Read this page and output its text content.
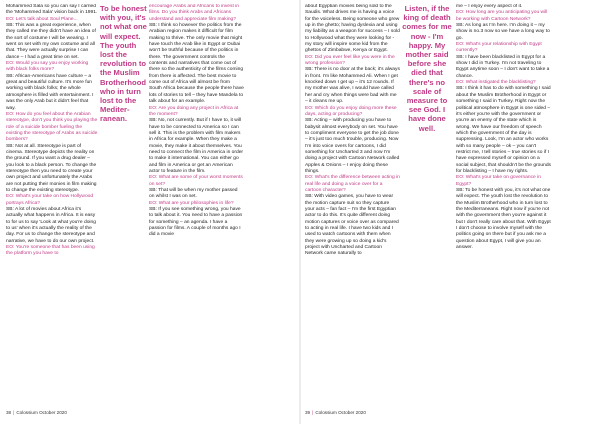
Mohammed Sala so you can say I carried the 'Mohammed Sala' vision back in 1991.

EO: Let's talk about Soul Plane...

SB: This was a great experience, when they called me they didn't have an idea of the sort of costume I will be wearing. I went on set with my own costume and all that. They were actually surprise I can dance – I had a great time on set.

EO: Would you say you enjoy working with black folks more?

SB: African-Americans have culture – a great and beautiful culture. It's more fun working with black folks; the whole atmosphere is filled with entertainment. I was the only Arab but it didn't feel that way.

EO: How do you feel about the Arabian stereotype, don't you think you playing the role of a suicide bomber fueling the existing the stereotype of Arabs as suicide bombers?

SB: Not at all. Stereotype is part of cinema. Stereotype depicts the reality on the ground. If you want a drug dealer – you look to a black person. To change the stereotype then you need to create your own project and unfortunately the Arabs are not putting their monies in film making to change the existing stereotype.

EO: What's your take on how Hollywood portrays Africa?

SB: A lot of movies about Africa it's actually what happens in Africa. It is easy to for us to say 'Look at what you're doing to us' when it's actually the reality of the day. For us to change the stereotype and narrative, we have to do our own project.

EO: You're someone that has been using the platform you have to

To be honest with you, it's not what one will expect. The youth lost the revolution to the Muslim Brotherhood who in turn lost to the Mediter-

ranean.

encourage Arabs and Africans to invest in films. Do you think Arabs and Africans understand and appreciate film making?

SB: I think so however the politics from the Arabian region makes it difficult for film making to thrive. The only movie that might have touch the Arab like in Egypt or Dubai won't be truthful because of the politics in there. The government controls the contents and narratives that come out of there so the authenticity of the films coming from there is affected. The best movie to come out of Africa will almost be from South Africa because the people there have lots of stories to tell – they have Mandela to talk about for an example.

EO: Are you doing any project in Africa at the moment?

SB: No, not currently. But if I have to, it will have to be connected to America so I can sell it. This is the problem with film makers in Africa for example. When they make a movie, they make it about themselves. You need to connect the film in America in order to make it international. You can either go and film in America or get an American actor to feature in the film.

EO: What are some of your worst moments on set?

SB: That will be when my mother passed on whilst I was on set.

EO: What are your philosophies in life?

SB: If you see something wrong, you have to talk about it. You need to have a passion for something – an agenda. I have a passion for films. A couple of months ago I did a movie

38 | Colossium October 2020

about Egyptian movies being sold to the Saudis. What drives me is having a voice for the voiceless. Being someone who grew up in the ghetto; having dyslexia and using my liability as a weapon for success – I sold to Hollywood what they were looking for - my story will inspire some kid from the ghettos of Zimbabwe, Kenya or Egypt.

EO: Did you ever feel like you were in the wrong profession?

SB: There is no door at the back; it's always in front. I'm like Mohammed Ali. When I get knocked down I get up – it's 12 rounds. If my mother was alive, I would have called her and cry when things were bad with me – it cleans me up.

EO: Which do you enjoy doing more these days, acting or producing?

SB: Acting – with producing you have to babysit almost everybody on set. You have to compliment everyone to get the job done – it's just too much trouble, producing. Now I'm into voice overs for cartoons, I did something for Uncharted 3 and now I'm doing a project with Cartoon Network called Apples & Onions – I enjoy doing these things.

EO: What's the difference between acting in real life and doing a voice over for a cartoon character?

SB: With video games, you have to wear the motion capture suit so they capture your acts – fan fact – I'm the first Egyptian actor to do this. It's quite different doing motion captures or voice over as compared to acting in real life. I have two kids and I used to watch cartoons with them when they were growing up so doing a kid's project with Uncharted and Cartoon Network came naturally to

Listen, if the king of death comes for me now - I'm happy. My mother said before she died that there's no scale of measure to see God. I have done well.

me – I enjoy every aspect of it.

EO: How long are you anticipating you will be working with Cartoon Network?

SB: As long as I'm here. I'm doing it – my show is no.3 now so we have a long way to go.

EO: What's your relationship with Egypt currently?

SB: I have been blacklisted in Egypt for a show I did in Turkey. I'm not traveling to Egypt anytime soon – I don't want to take a chance.

EO: What instigated the blacklisting?

SB: I think it has to do with something I said about the Muslim Brotherhood in Egypt or something I said in Turkey. Right now the political atmosphere in Egypt is one sided – it's either you're with the government or you're an enemy of the state which is wrong. We have our freedom of speech which the government of the day is suppressing. Look, I'm an actor who works with so many people – ok – you can't restrict me, I tell stories – true stories so if I have expressed myself or opinion on a social subject, that shouldn't be the grounds for blacklisting – I have my rights.

EO: What's your take on governance in Egypt?

SB: To be honest with you, it's not what one will expect. The youth lost the revolution to the Muslim Brotherhood who in turn lost to the Mediterraneans. Right now if you're not with the government then you're against it but I don't really care about that. With Egypt I don't choose to involve myself with the politics going on there but if you ask me a question about Egypt, I will give you an answer.

39 | Colossium October 2020
